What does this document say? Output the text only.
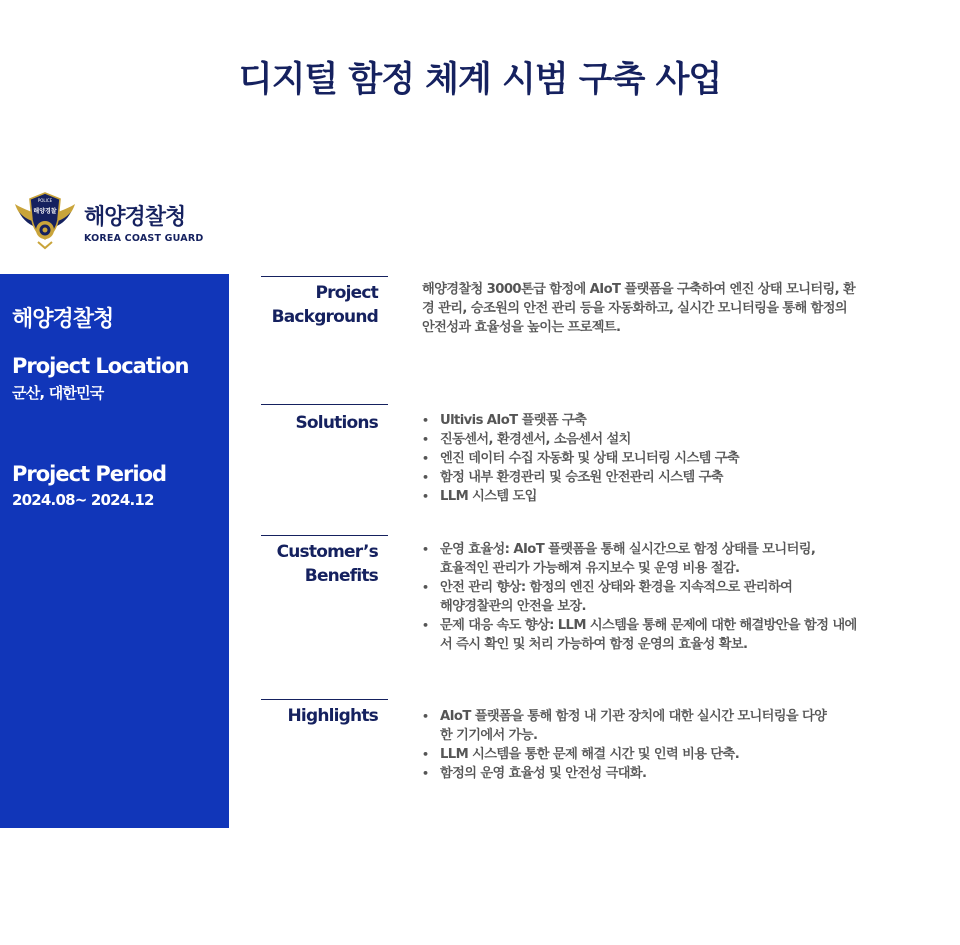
디지털 함정 체계 시범 구축 사업
POLICE
해양경찰 해양경찰청
KOREA COAST GUARD
해양경찰청
Project Location
군산, 대한민국
Project Period
2024.08~ 2024.12
Project
Background
해양경찰청 3000톤급 함정에 AIoT 플랫폼을 구축하여 엔진 상태 모니터링, 환
경 관리, 승조원의 안전 관리 등을 자동화하고, 실시간 모니터링을 통해 함정의
안전성과 효율성을 높이는 프로젝트.
Solutions	• Ultivis AIoT 플랫폼 구축
• 진동센서, 환경센서, 소음센서 설치
• 엔진 데이터 수집 자동화 및 상태 모니터링 시스템 구축
• 함정 내부 환경관리 및 승조원 안전관리 시스템 구축
• LLM 시스템 도입
Customer’s
Benefits
• 운영 효율성: AIoT 플랫폼을 통해 실시간으로 함정 상태를 모니터링,
효율적인 관리가 가능해져 유지보수 및 운영 비용 절감.
• 안전 관리 향상: 함정의 엔진 상태와 환경을 지속적으로 관리하여
해양경찰관의 안전을 보장.
• 문제 대응 속도 향상: LLM 시스템을 통해 문제에 대한 해결방안을 함정 내에
서 즉시 확인 및 처리 가능하여 함정 운영의 효율성 확보.
Highlights	• AIoT 플랫폼을 통해 함정 내 기관 장치에 대한 실시간 모니터링을 다양
한 기기에서 가능.
• LLM 시스템을 통한 문제 해결 시간 및 인력 비용 단축.
• 함정의 운영 효율성 및 안전성 극대화.
